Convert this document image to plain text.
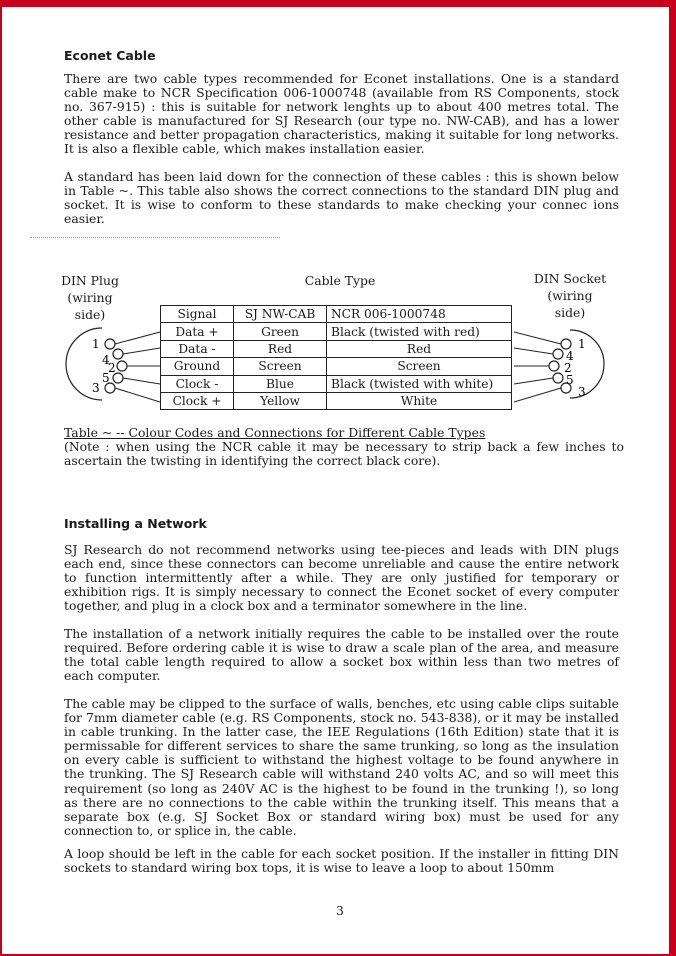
Econet Cable

There are two cable types recommended for Econet installations. One is a standard cable make to NCR Specification 006-1000748 (available from RS Components, stock no. 367-915) : this is suitable for network lenghts up to about 400 metres total. The other cable is manufactured for SJ Research (our type no. NW-CAB), and has a lower resistance and better propagation characteristics, making it suitable for long networks. It is also a flexible cable, which makes installation easier.

A standard has been laid down for the connection of these cables : this is shown below in Table ~. This table also shows the correct connections to the standard DIN plug and socket. It is wise to conform to these standards to make checking your connec ions easier.

DIN Plug
(wiring
side)
Cable Type	DIN Socket
(wiring
side)
1
4
2
5
3
1
4
2
5
3
Signal	SJ NW-CAB	NCR 006-1000748
Data +	Green	Black (twisted with red)
Data -	Red	Red
Ground	Screen	Screen
Clock -	Blue	Black (twisted with white)
Clock +	Yellow	White
Table ~ -- Colour Codes and Connections for Different Cable Types
(Note : when using the NCR cable it may be necessary to strip back a few inches to ascertain the twisting in identifying the correct black core).
Installing a Network

SJ Research do not recommend networks using tee-pieces and leads with DIN plugs each end, since these connectors can become unreliable and cause the entire network to function intermittently after a while. They are only justified for temporary or exhibition rigs. It is simply necessary to connect the Econet socket of every computer together, and plug in a clock box and a terminator somewhere in the line.

The installation of a network initially requires the cable to be installed over the route required. Before ordering cable it is wise to draw a scale plan of the area, and measure the total cable length required to allow a socket box within less than two metres of each computer.

The cable may be clipped to the surface of walls, benches, etc using cable clips suitable for 7mm diameter cable (e.g. RS Components, stock no. 543-838), or it may be installed in cable trunking. In the latter case, the IEE Regulations (16th Edition) state that it is permissable for different services to share the same trunking, so long as the insulation on every cable is sufficient to withstand the highest voltage to be found anywhere in the trunking. The SJ Research cable will withstand 240 volts AC, and so will meet this requirement (so long as 240V AC is the highest to be found in the trunking !), so long as there are no connections to the cable within the trunking itself. This means that a separate box (e.g. SJ Socket Box or standard wiring box) must be used for any connection to, or splice in, the cable.

A loop should be left in the cable for each socket position. If the installer in fitting DIN sockets to standard wiring box tops, it is wise to leave a loop to about 150mm

3
